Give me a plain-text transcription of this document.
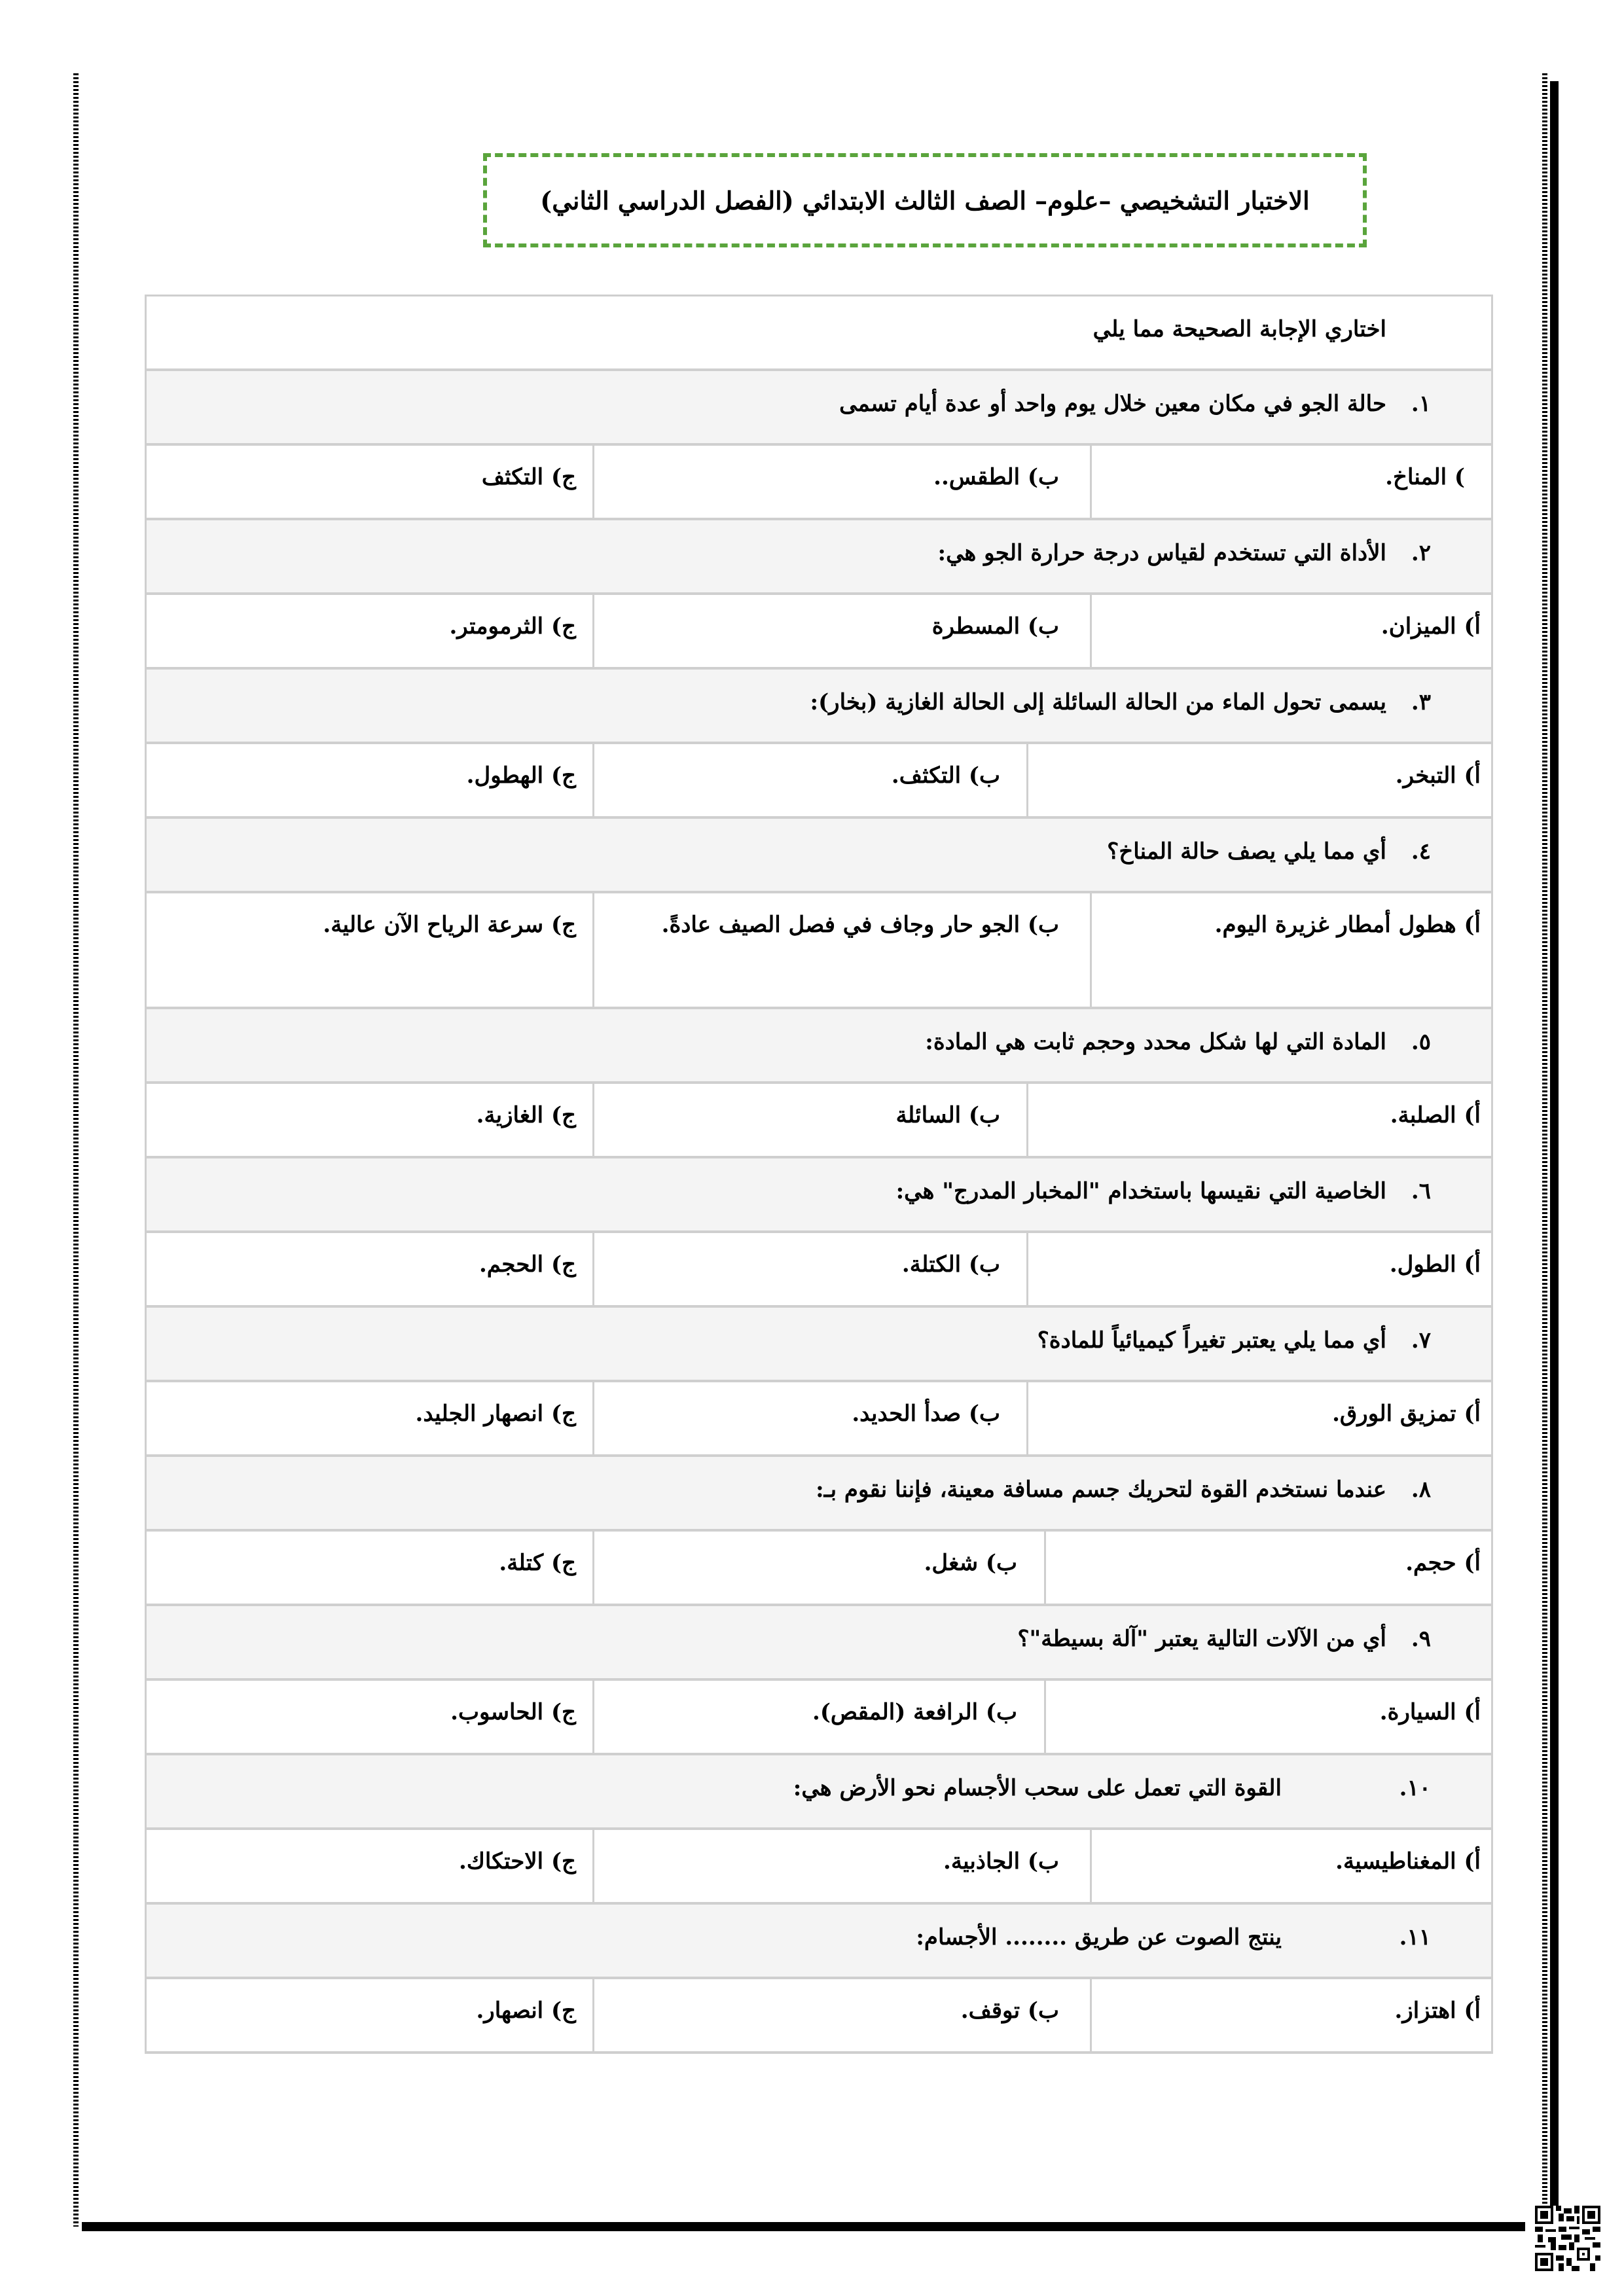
الاختبار التشخيصي –علوم– الصف الثالث الابتدائي (الفصل الدراسي الثاني)
اختاري الإجابة الصحيحة مما يلي
١.
حالة الجو في مكان معين خلال يوم واحد أو عدة أيام تسمى
) المناخ.
ب) الطقس..
ج) التكثف
٢.
الأداة التي تستخدم لقياس درجة حرارة الجو هي:
أ) الميزان.
ب) المسطرة
ج) الثرمومتر.
٣.
يسمى تحول الماء من الحالة السائلة إلى الحالة الغازية (بخار):
أ) التبخر.
ب) التكثف.
ج) الهطول.
٤.
أي مما يلي يصف حالة المناخ؟
أ) هطول أمطار غزيرة اليوم.
ب) الجو حار وجاف في فصل الصيف عادةً.
ج) سرعة الرياح الآن عالية.
٥.
المادة التي لها شكل محدد وحجم ثابت هي المادة:
أ) الصلبة.
ب) السائلة
ج) الغازية.
٦.
الخاصية التي نقيسها باستخدام "المخبار المدرج" هي:
أ) الطول.
ب) الكتلة.
ج) الحجم.
٧.
أي مما يلي يعتبر تغيراً كيميائياً للمادة؟
أ) تمزيق الورق.
ب) صدأ الحديد.
ج) انصهار الجليد.
٨.
عندما نستخدم القوة لتحريك جسم مسافة معينة، فإننا نقوم بـ:
أ) حجم.
ب) شغل.
ج) كتلة.
٩.
أي من الآلات التالية يعتبر "آلة بسيطة"؟
أ) السيارة.
ب) الرافعة (المقص).
ج) الحاسوب.
١٠.
القوة التي تعمل على سحب الأجسام نحو الأرض هي:
أ) المغناطيسية.
ب) الجاذبية.
ج) الاحتكاك.
١١.
ينتج الصوت عن طريق ........ الأجسام:
أ) اهتزاز.
ب) توقف.
ج) انصهار.
